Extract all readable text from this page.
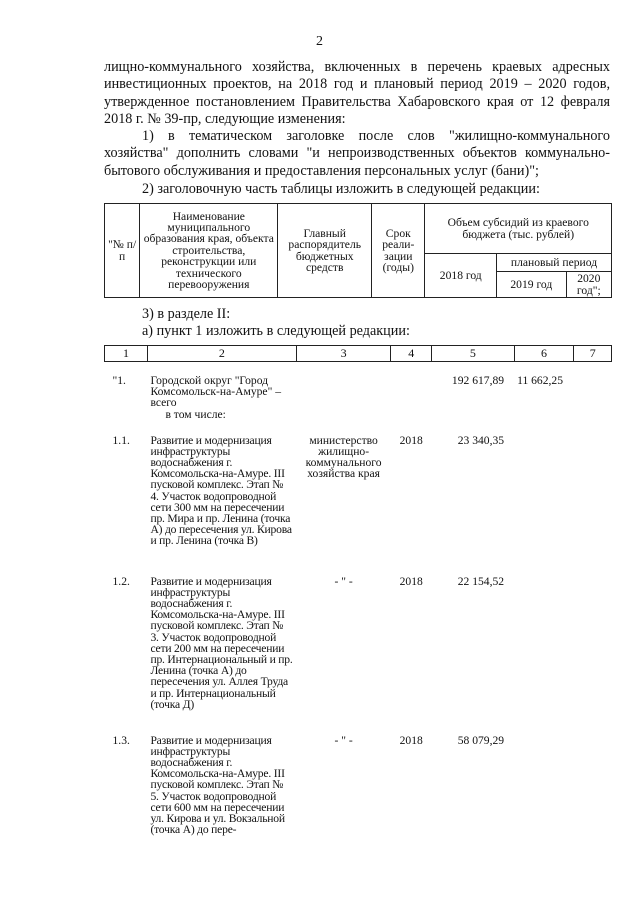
2

лищно-коммунального хозяйства, включенных в перечень краевых адресных инвестиционных проектов, на 2018 год и плановый период 2019 – 2020 годов, утвержденное постановлением Правительства Хабаровского края от 12 февраля 2018 г. № 39-пр, следующие изменения:

1) в тематическом заголовке после слов "жилищно-коммунального хозяйства" дополнить словами "и непроизводственных объектов коммунально-бытового обслуживания и предоставления персональных услуг (бани)";

2) заголовочную часть таблицы изложить в следующей редакции:

"№ п/п	Наименование муниципального образования края, объекта строительства, реконструкции или технического перевооружения	Главный распорядитель бюджетных средств	Срок реали-зации (годы)	Объем субсидий из краевого бюджета (тыс. рублей)		
				2018 год	плановый период	
					2019 год	2020 год";

3) в разделе II:

а) пункт 1 изложить в следующей редакции:

1	2	3	4	5	6	7
"1.	Городской округ "Город Комсомольск-на-Амуре" – всего			192 617,89	11 662,25	
	в том числе:					
1.1.	Развитие и модернизация инфраструктуры водоснабжения г. Комсомольска-на-Амуре. III пусковой комплекс. Этап № 4. Участок водопроводной сети 300 мм на пересечении пр. Мира и пр. Ленина (точка А) до пересечения ул. Кирова и пр. Ленина (точка В)	министерство жилищно-коммунального хозяйства края	2018	23 340,35		
1.2.	Развитие и модернизация инфраструктуры водоснабжения г. Комсомольска-на-Амуре. III пусковой комплекс. Этап № 3. Участок водопроводной сети 200 мм на пересечении пр. Интернациональный и пр. Ленина (точка А) до пересечения ул. Аллея Труда и пр. Интернациональный (точка Д)	- " -	2018	22 154,52		
1.3.	Развитие и модернизация инфраструктуры водоснабжения г. Комсомольска-на-Амуре. III пусковой комплекс. Этап № 5. Участок водопроводной сети 600 мм на пересечении ул. Кирова и ул. Вокзальной (точка А) до пере-	- " -	2018	58 079,29		
